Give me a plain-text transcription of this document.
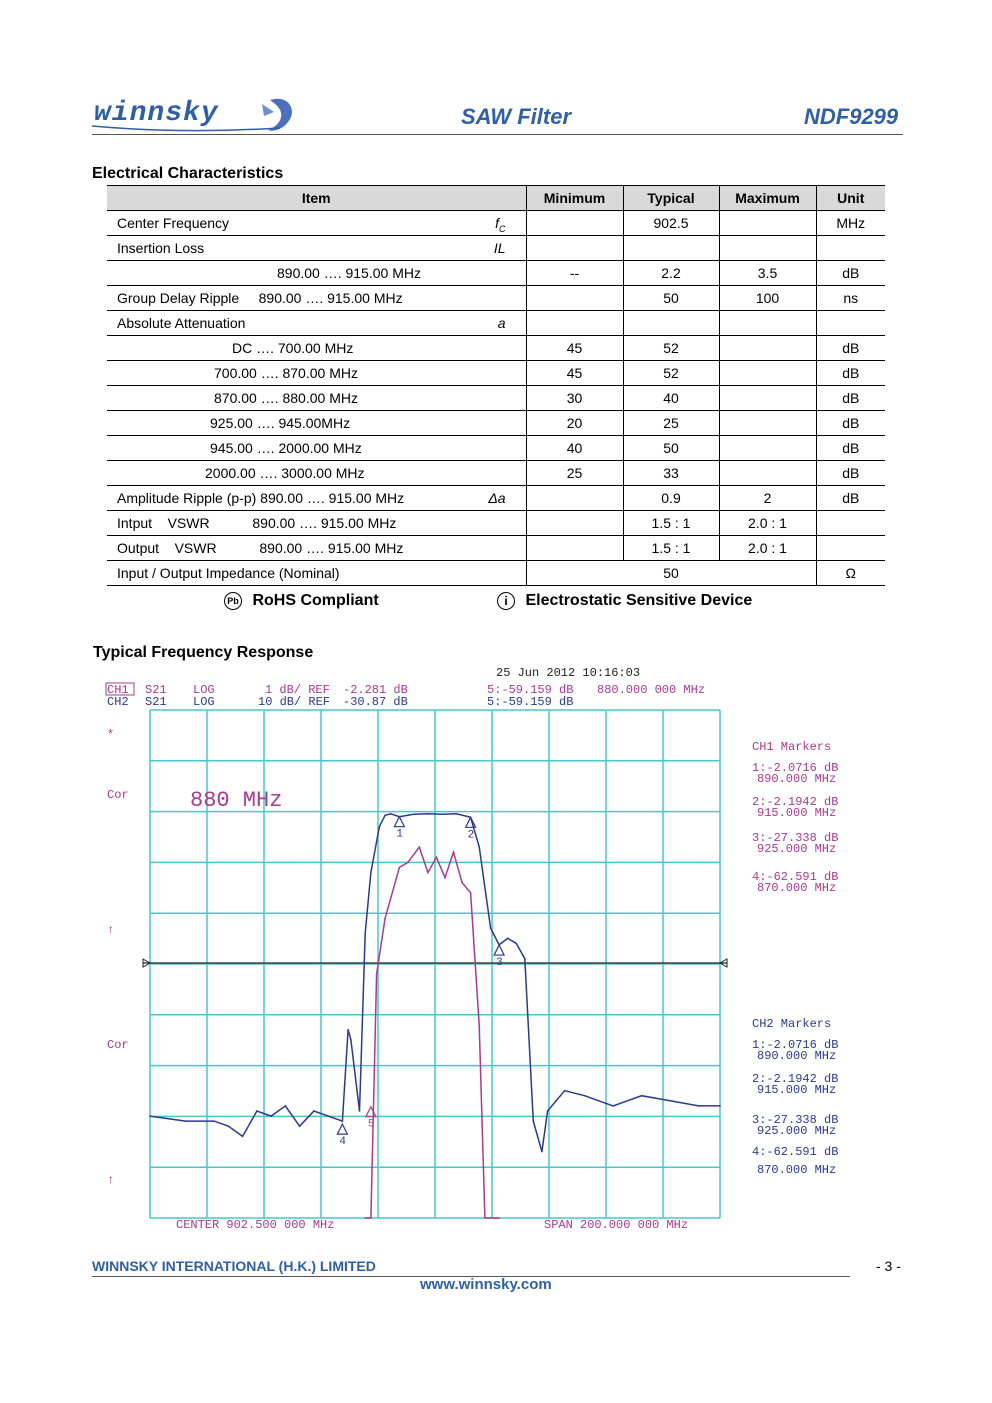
winnsky	SAW Filter	NDF9299
Electrical Characteristics
Item	Minimum	Typical	Maximum	Unit

Center Frequency $f_C$		902.5		MHz

Insertion Loss IL				

890.00 …. 915.00 MHz	--	2.2	3.5	dB

Group Delay Ripple     890.00 …. 915.00 MHz		50	100	ns

Absolute Attenuation a				

DC …. 700.00 MHz	45	52		dB

700.00 …. 870.00 MHz	45	52		dB

870.00 …. 880.00 MHz	30	40		dB

925.00 …. 945.00MHz	20	25		dB

945.00 …. 2000.00 MHz	40	50		dB

2000.00 …. 3000.00 MHz	25	33		dB

Amplitude Ripple (p-p) 890.00 …. 915.00 MHz Δa		0.9	2	dB

Intput    VSWR           890.00 …. 915.00 MHz		1.5 : 1	2.0 : 1	

Output    VSWR           890.00 …. 915.00 MHz		1.5 : 1	2.0 : 1	

Input / Output Impedance (Nominal)	50			Ω
Pb RoHS Compliant	i Electrostatic Sensitive Device
Typical Frequency Response
1	2
3
4
5
25 Jun 2012 10:16:03
CH1 S21 LOG	1 dB/ REF -2.281 dB	5:-59.159 dB 880.000 000 MHz
CH2 S21 LOG	10 dB/ REF -30.87 dB	5:-59.159 dB
*
Cor
↑
Cor
↑
880 MHz
CENTER 902.500 000 MHz	SPAN 200.000 000 MHz
CH1 Markers
1:-2.0716 dB
890.000 MHz
2:-2.1942 dB
915.000 MHz
3:-27.338 dB
925.000 MHz
4:-62.591 dB
870.000 MHz
CH2 Markers
1:-2.0716 dB
890.000 MHz
2:-2.1942 dB
915.000 MHz
3:-27.338 dB
925.000 MHz
4:-62.591 dB
870.000 MHz
WINNSKY INTERNATIONAL (H.K.) LIMITED	- 3 -
www.winnsky.com
